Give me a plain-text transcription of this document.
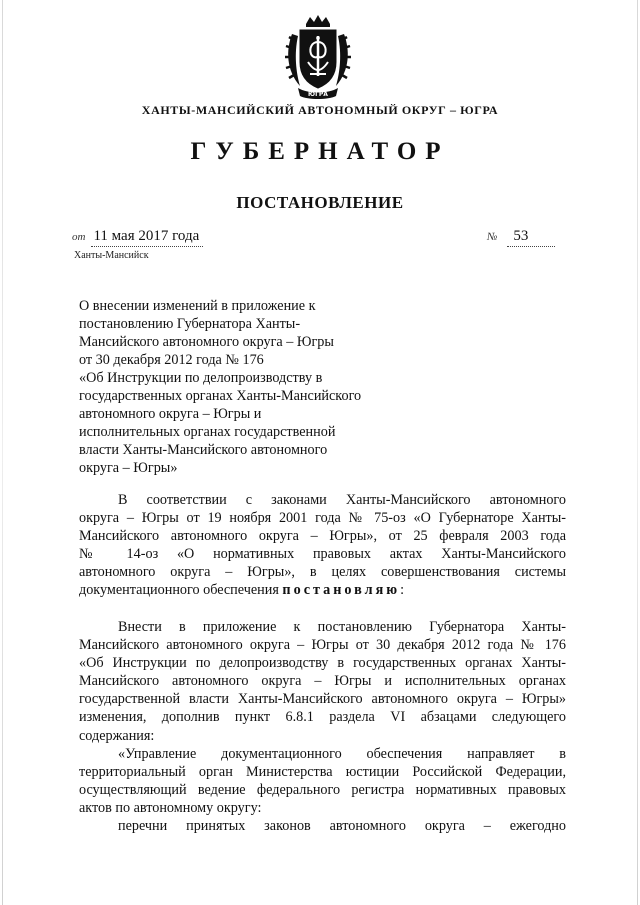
ЮГРА
ХАНТЫ-МАНСИЙСКИЙ АВТОНОМНЫЙ ОКРУГ – ЮГРА
ГУБЕРНАТОР
ПОСТАНОВЛЕНИЕ
от 11 мая 2017 года	№ 53
Ханты-Мансийск
О внесении изменений в приложение к
постановлению Губернатора Ханты-
Мансийского автономного округа – Югры
от 30 декабря 2012 года № 176
«Об Инструкции по делопроизводству в
государственных органах Ханты-Мансийского
автономного округа – Югры и
исполнительных органах государственной
власти Ханты-Мансийского автономного
округа – Югры»
В соответствии с законами Ханты-Мансийского автономного
округа – Югры от 19 ноября 2001 года № 75-оз «О Губернаторе Ханты-
Мансийского автономного округа – Югры», от 25 февраля 2003 года
№ 14-оз «О нормативных правовых актах Ханты-Мансийского
автономного округа – Югры», в целях совершенствования системы
документационного обеспечения постановляю:
Внести в приложение к постановлению Губернатора Ханты-
Мансийского автономного округа – Югры от 30 декабря 2012 года № 176
«Об Инструкции по делопроизводству в государственных органах Ханты-
Мансийского автономного округа – Югры и исполнительных органах
государственной власти Ханты-Мансийского автономного округа – Югры»
изменения, дополнив пункт 6.8.1 раздела VI абзацами следующего
содержания:
«Управление документационного обеспечения направляет в
территориальный орган Министерства юстиции Российской Федерации,
осуществляющий ведение федерального регистра нормативных правовых
актов по автономному округу:
перечни принятых законов автономного округа – ежегодно
